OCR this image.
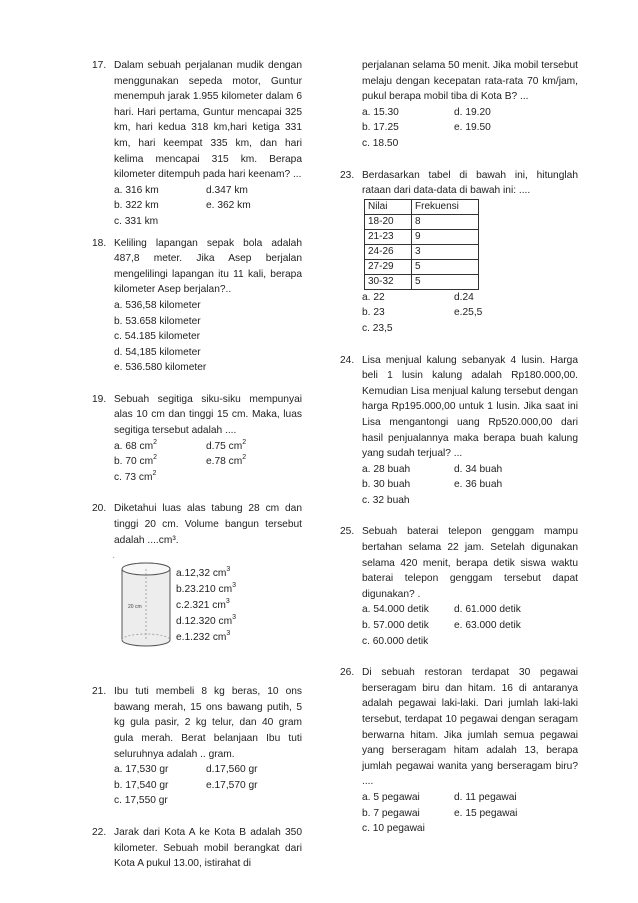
17. Dalam sebuah perjalanan mudik dengan menggunakan sepeda motor, Guntur menempuh jarak 1.955 kilometer dalam 6 hari. Hari pertama, Guntur mencapai 325 km, hari kedua 318 km,hari ketiga 331 km, hari keempat 335 km, dan hari kelima mencapai 315 km. Berapa kilometer ditempuh pada hari keenam? ...
a. 316 km	d.347 km
b. 322 km	e. 362 km
c. 331 km
18. Keliling lapangan sepak bola adalah 487,8 meter. Jika Asep berjalan mengelilingi lapangan itu 11 kali, berapa kilometer Asep berjalan?..
a. 536,58 kilometer
b. 53.658 kilometer
c. 54.185 kilometer
d. 54,185 kilometer
e. 536.580 kilometer
19. Sebuah segitiga siku-siku mempunyai alas 10 cm dan tinggi 15 cm. Maka, luas segitiga tersebut adalah ....
a. 68 $cm^2$	d.75 $cm^2$
b. 70 $cm^2$	e.78 $cm^2$
c. 73 $cm^2$
20. Diketahui luas alas tabung 28 cm dan tinggi 20 cm. Volume bangun tersebut adalah ....cm³.
·
20 cm
a.12,32 $cm^3$
b.23.210 $cm^3$
c.2.321 $cm^3$
d.12.320 $cm^3$
e.1.232 $cm^3$
21. Ibu tuti membeli 8 kg beras, 10 ons bawang merah, 15 ons bawang putih, 5 kg gula pasir, 2 kg telur, dan 40 gram gula merah. Berat belanjaan Ibu tuti seluruhnya adalah .. gram.
a. 17,530 gr	d.17,560 gr
b. 17,540 gr	e.17,570 gr
c. 17,550 gr
22. Jarak dari Kota A ke Kota B adalah 350 kilometer. Sebuah mobil berangkat dari Kota A pukul 13.00, istirahat di
perjalanan selama 50 menit. Jika mobil tersebut melaju dengan kecepatan rata-rata 70 km/jam, pukul berapa mobil tiba di Kota B? ...
a. 15.30	d. 19.20
b. 17.25	e. 19.50
c. 18.50
23. Berdasarkan tabel di bawah ini, hitunglah rataan dari data-data di bawah ini: ....
Nilai	Frekuensi
18-20	8
21-23	9
24-26	3
27-29	5
30-32	5
a. 22	d.24
b. 23	e.25,5
c. 23,5
24. Lisa menjual kalung sebanyak 4 lusin. Harga beli 1 lusin kalung adalah Rp180.000,00. Kemudian Lisa menjual kalung tersebut dengan harga Rp195.000,00 untuk 1 lusin. Jika saat ini Lisa mengantongi uang Rp520.000,00 dari hasil penjualannya maka berapa buah kalung yang sudah terjual? ...
a. 28 buah	d. 34 buah
b. 30 buah	e. 36 buah
c. 32 buah
25. Sebuah baterai telepon genggam mampu bertahan selama 22 jam. Setelah digunakan selama 420 menit, berapa detik siswa waktu baterai telepon genggam tersebut dapat digunakan? .
a. 54.000 detik	d. 61.000 detik
b. 57.000 detik	e. 63.000 detik
c. 60.000 detik
26. Di sebuah restoran terdapat 30 pegawai berseragam biru dan hitam. 16 di antaranya adalah pegawai laki-laki. Dari jumlah laki-laki tersebut, terdapat 10 pegawai dengan seragam berwarna hitam. Jika jumlah semua pegawai yang berseragam hitam adalah 13, berapa jumlah pegawai wanita yang berseragam biru? ....
a. 5 pegawai	d. 11 pegawai
b. 7 pegawai	e. 15 pegawai
c. 10 pegawai
